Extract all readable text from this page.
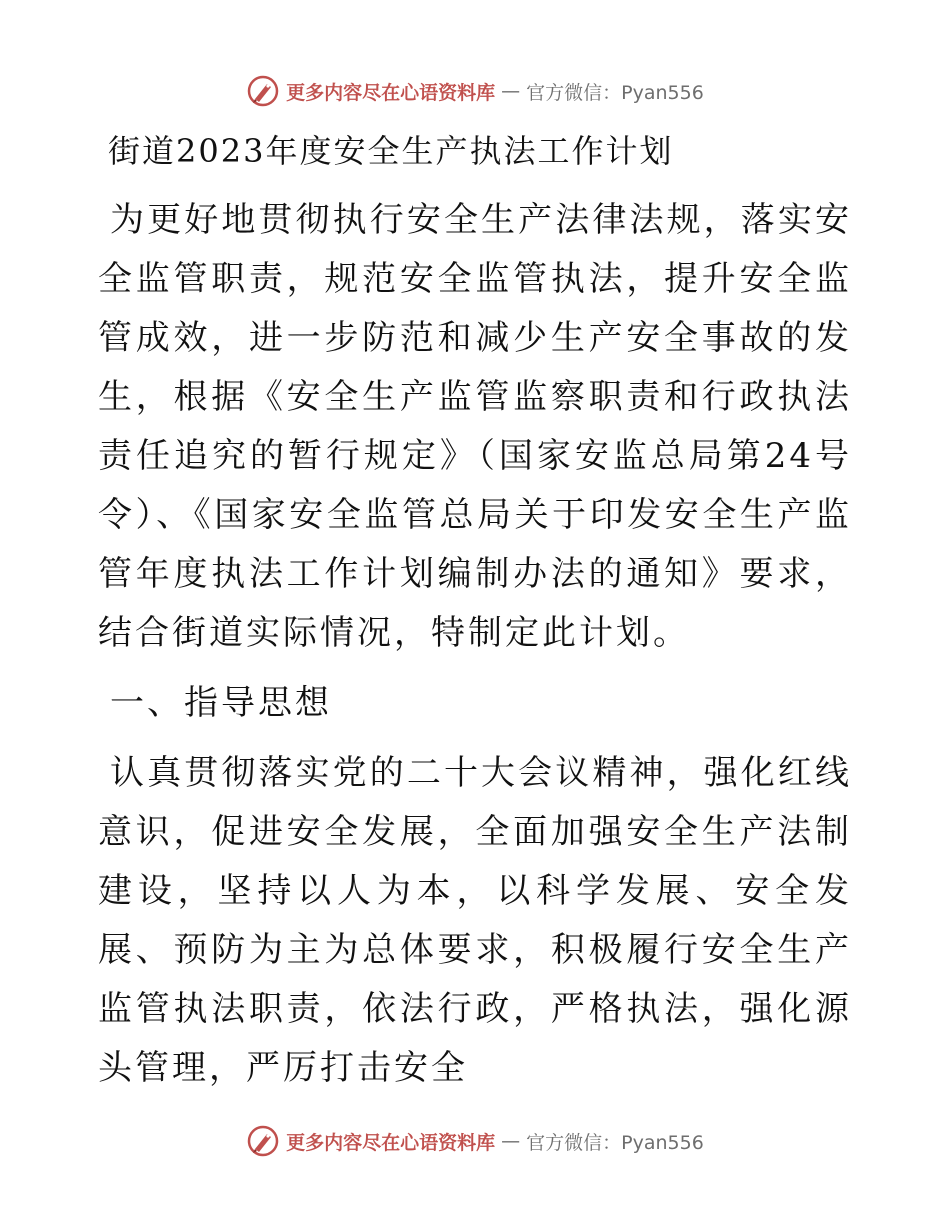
更多内容尽在心语资料库 — 官方微信：Pyan556
街道2023年度安全生产执法工作计划

为更好地贯彻执行安全生产法律法规，落实安全监管职责，规范安全监管执法，提升安全监管成效，进一步防范和减少生产安全事故的发生，根据《安全生产监管监察职责和行政执法责任追究的暂行规定》（国家安监总局第24号令）、《国家安全监管总局关于印发安全生产监管年度执法工作计划编制办法的通知》要求，结合街道实际情况，特制定此计划。

一、指导思想

认真贯彻落实党的二十大会议精神，强化红线意识，促进安全发展，全面加强安全生产法制建设，坚持以人为本，以科学发展、安全发展、预防为主为总体要求，积极履行安全生产监管执法职责，依法行政，严格执法，强化源头管理，严厉打击安全

更多内容尽在心语资料库 — 官方微信：Pyan556
